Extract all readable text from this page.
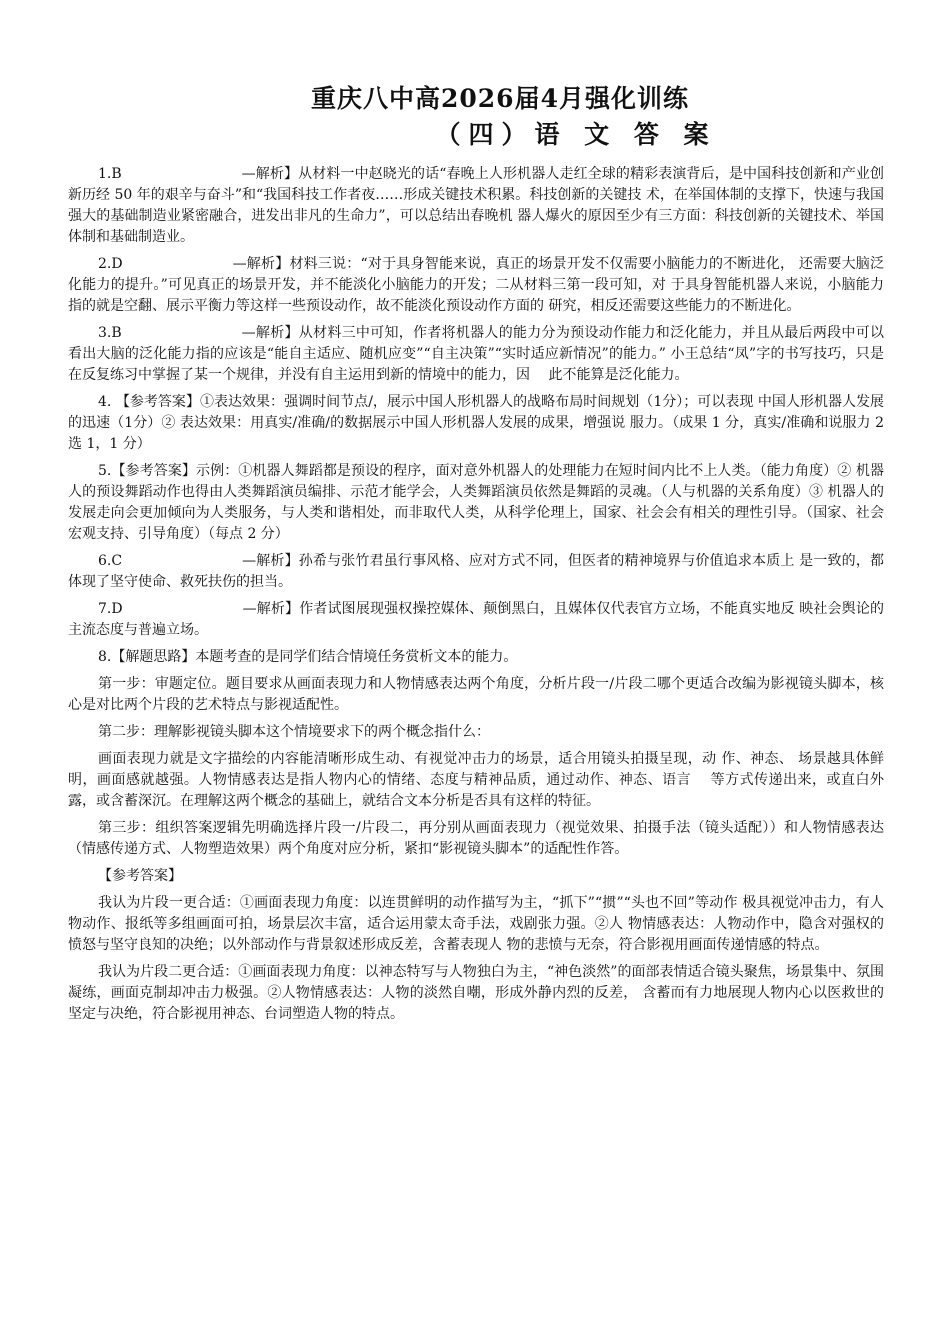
重庆八中高2026届4月强化训练
（四）语 文 答 案

1.B	—解析】从材料一中赵晓光的话“春晚上人形机器人走红全球的精彩表演背后，是中国科技创新和产业创新历经 50 年的艰辛与奋斗”和“我国科技工作者夜……形成关键技术积累。科技创新的关键技 术，在举国体制的支撑下，快速与我国强大的基础制造业紧密融合，进发出非凡的生命力”，可以总结出春晚机 器人爆火的原因至少有三方面：科技创新的关键技术、举国体制和基础制造业。

2.D	—解析】材料三说：“对于具身智能来说，真正的场景开发不仅需要小脑能力的不断进化， 还需要大脑泛化能力的提升。”可见真正的场景开发，并不能淡化小脑能力的开发；二从材料三第一段可知，对 于具身智能机器人来说，小脑能力指的就是空翻、展示平衡力等这样一些预设动作，故不能淡化预设动作方面的 研究，相反还需要这些能力的不断进化。

3.B	—解析】从材料三中可知，作者将机器人的能力分为预设动作能力和泛化能力，并且从最后两段中可以看出大脑的泛化能力指的应该是“能自主适应、随机应变”“自主决策”“实时适应新情况”的能力。” 小王总结“凤”字的书写技巧，只是在反复练习中掌握了某一个规律，并没有自主运用到新的情境中的能力，因 　此不能算是泛化能力。

4. 【参考答案】①表达效果：强调时间节点/，展示中国人形机器人的战略布局时间规划（1分）；可以表现 中国人形机器人发展的迅速（1分）② 表达效果：用真实/准确/的数据展示中国人形机器人发展的成果，增强说 服力。（成果 1 分，真实/准确和说服力 2 选 1，1 分）

5.【参考答案】示例：①机器人舞蹈都是预设的程序，面对意外机器人的处理能力在短时间内比不上人类。（能力角度）② 机器人的预设舞蹈动作也得由人类舞蹈演员编排、示范才能学会，人类舞蹈演员依然是舞蹈的灵魂。（人与机器的关系角度）③ 机器人的发展走向会更加倾向为人类服务，与人类和谐相处，而非取代人类，从科学伦理上，国家、社会会有相关的理性引导。（国家、社会宏观支持、引导角度）（每点 2 分）

6.C	—解析】孙希与张竹君虽行事风格、应对方式不同，但医者的精神境界与价值追求本质上 是一致的，都体现了坚守使命、救死扶伤的担当。

7.D	—解析】作者试图展现强权操控媒体、颠倒黑白，且媒体仅代表官方立场，不能真实地反 映社会舆论的主流态度与普遍立场。

8.【解题思路】本题考查的是同学们结合情境任务赏析文本的能力。

第一步：审题定位。题目要求从画面表现力和人物情感表达两个角度，分析片段一/片段二哪个更适合改编为影视镜头脚本，核心是对比两个片段的艺术特点与影视适配性。

第二步：理解影视镜头脚本这个情境要求下的两个概念指什么：

画面表现力就是文字描绘的内容能清晰形成生动、有视觉冲击力的场景，适合用镜头拍摄呈现，动 作、神态、 场景越具体鲜明，画面感就越强。人物情感表达是指人物内心的情绪、态度与精神品质，通过动作、神态、语言 　等方式传递出来，或直白外露，或含蓄深沉。在理解这两个概念的基础上，就结合文本分析是否具有这样的特征。

第三步：组织答案逻辑先明确选择片段一/片段二，再分别从画面表现力（视觉效果、拍摄手法（镜头适配））和人物情感表达（情感传递方式、人物塑造效果）两个角度对应分析，紧扣“影视镜头脚本”的适配性作答。

【参考答案】

我认为片段一更合适：①画面表现力角度：以连贯鲜明的动作描写为主，“抓下”“掼”“头也不回”等动作 极具视觉冲击力，有人物动作、报纸等多组画面可拍，场景层次丰富，适合运用蒙太奇手法，戏剧张力强。②人 物情感表达：人物动作中，隐含对强权的愤怒与坚守良知的决绝；以外部动作与背景叙述形成反差，含蓄表现人 物的悲愤与无奈，符合影视用画面传递情感的特点。

我认为片段二更合适：①画面表现力角度：以神态特写与人物独白为主，“神色淡然”的面部表情适合镜头聚焦，场景集中、氛围凝练，画面克制却冲击力极强。②人物情感表达：人物的淡然自嘲，形成外静内烈的反差， 含蓄而有力地展现人物内心以医救世的坚定与决绝，符合影视用神态、台词塑造人物的特点。
